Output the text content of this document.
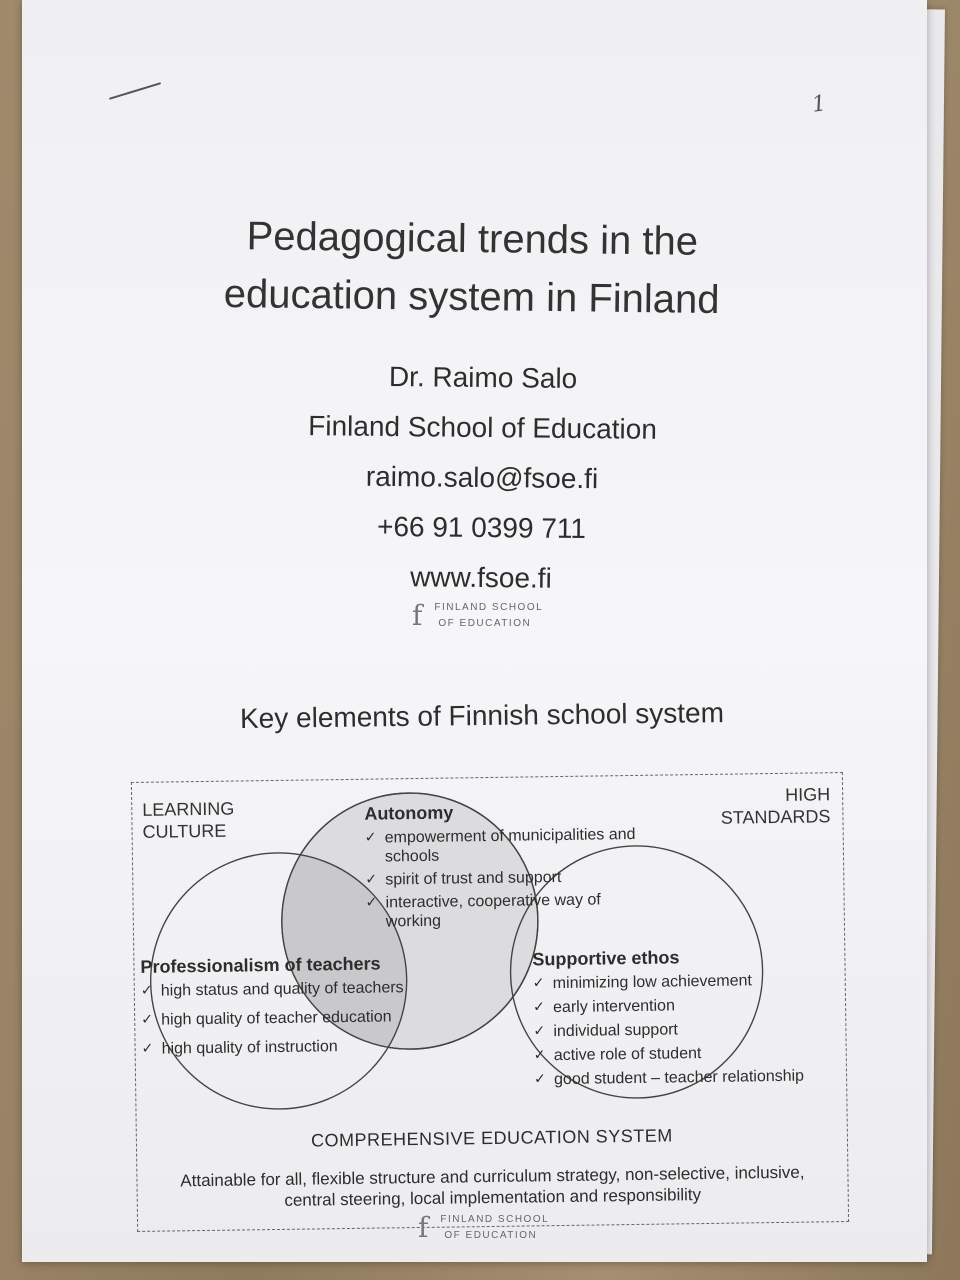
1
Pedagogical trends in the
education system in Finland
Dr. Raimo Salo
Finland School of Education
raimo.salo@fsoe.fi
+66 91 0399 711
www.fsoe.fi
f FINLAND SCHOOL
OF EDUCATION
Key elements of Finnish school system
LEARNING
CULTURE
HIGH
STANDARDS
Autonomy
✓ empowerment of municipalities and schools
✓ spirit of trust and support
✓ interactive, cooperative way of working
Professionalism of teachers
✓ high status and quality of teachers
✓ high quality of teacher education
✓ high quality of instruction
Supportive ethos
✓ minimizing low achievement
✓ early intervention
✓ individual support
✓ active role of student
✓ good student – teacher relationship
COMPREHENSIVE EDUCATION SYSTEM
Attainable for all, flexible structure and curriculum strategy, non-selective, inclusive, central steering, local implementation and responsibility
f FINLAND SCHOOL
OF EDUCATION
